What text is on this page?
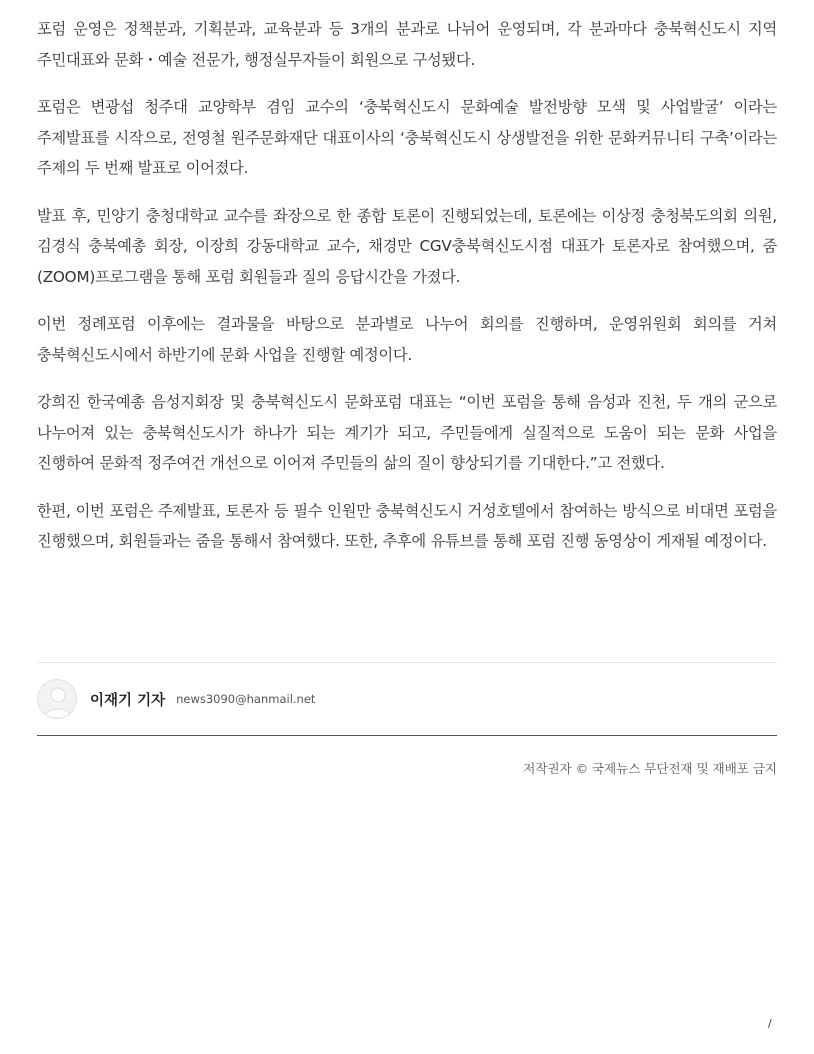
포럼 운영은 정책분과, 기획분과, 교육분과 등 3개의 분과로 나뉘어 운영되며, 각 분과마다 충북혁신도시 지역 주민대표와 문화・예술 전문가, 행정실무자들이 회원으로 구성됐다.

포럼은 변광섭 청주대 교양학부 겸임 교수의 ‘충북혁신도시 문화예술 발전방향 모색 및 사업발굴’ 이라는 주제발표를 시작으로, 전영철 원주문화재단 대표이사의 ‘충북혁신도시 상생발전을 위한 문화커뮤니티 구축’이라는 주제의 두 번째 발표로 이어졌다.

발표 후, 민양기 충청대학교 교수를 좌장으로 한 종합 토론이 진행되었는데, 토론에는 이상정 충청북도의회 의원, 김경식 충북예총 회장, 이장희 강동대학교 교수, 채경만 CGV충북혁신도시점 대표가 토론자로 참여했으며, 줌(ZOOM)프로그램을 통해 포럼 회원들과 질의 응답시간을 가졌다.

이번 정례포럼 이후에는 결과물을 바탕으로 분과별로 나누어 회의를 진행하며, 운영위원회 회의를 거쳐 충북혁신도시에서 하반기에 문화 사업을 진행할 예정이다.

강희진 한국예총 음성지회장 및 충북혁신도시 문화포럼 대표는 “이번 포럼을 통해 음성과 진천, 두 개의 군으로 나누어져 있는 충북혁신도시가 하나가 되는 계기가 되고, 주민들에게 실질적으로 도움이 되는 문화 사업을 진행하여 문화적 정주여건 개선으로 이어져 주민들의 삶의 질이 향상되기를 기대한다.”고 전했다.

한편, 이번 포럼은 주제발표, 토론자 등 필수 인원만 충북혁신도시 거성호텔에서 참여하는 방식으로 비대면 포럼을 진행했으며, 회원들과는 줌을 통해서 참여했다. 또한, 추후에 유튜브를 통해 포럼 진행 동영상이 게재될 예정이다.

이재기 기자 news3090@hanmail.net
저작권자 © 국제뉴스 무단전재 및 재배포 금지
/
